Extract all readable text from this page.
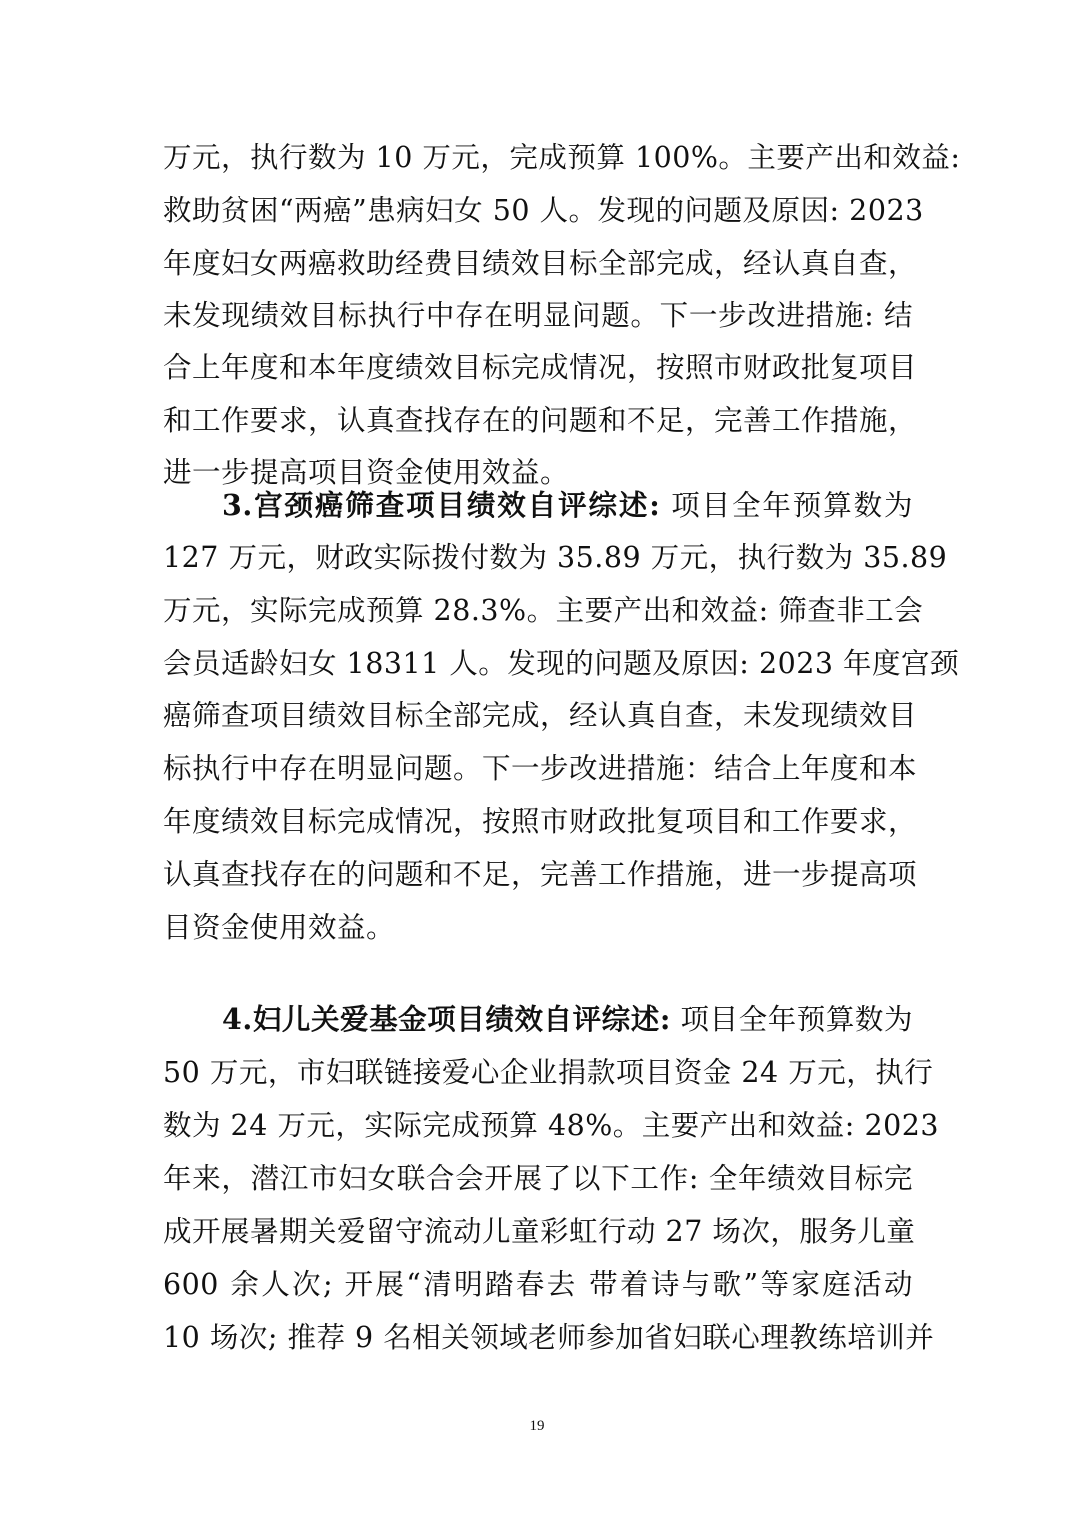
万元，执行数为 10 万元，完成预算 100%。主要产出和效益:
救助贫困“两癌”患病妇女 50 人。发现的问题及原因: 2023
年度妇女两癌救助经费目绩效目标全部完成，经认真自查，
未发现绩效目标执行中存在明显问题。下一步改进措施: 结
合上年度和本年度绩效目标完成情况，按照市财政批复项目
和工作要求，认真查找存在的问题和不足，完善工作措施，
进一步提高项目资金使用效益。
3.宫颈癌筛查项目绩效自评综述: 项目全年预算数为
127 万元，财政实际拨付数为 35.89 万元，执行数为 35.89
万元，实际完成预算 28.3%。主要产出和效益: 筛查非工会
会员适龄妇女 18311 人。发现的问题及原因: 2023 年度宫颈
癌筛查项目绩效目标全部完成，经认真自查，未发现绩效目
标执行中存在明显问题。下一步改进措施：结合上年度和本
年度绩效目标完成情况，按照市财政批复项目和工作要求，
认真查找存在的问题和不足，完善工作措施，进一步提高项
目资金使用效益。
4.妇儿关爱基金项目绩效自评综述: 项目全年预算数为
50 万元，市妇联链接爱心企业捐款项目资金 24 万元，执行
数为 24 万元，实际完成预算 48%。主要产出和效益: 2023
年来，潜江市妇女联合会开展了以下工作: 全年绩效目标完
成开展暑期关爱留守流动儿童彩虹行动 27 场次，服务儿童
600 余人次; 开展“清明踏春去 带着诗与歌”等家庭活动
10 场次; 推荐 9 名相关领域老师参加省妇联心理教练培训并
19
